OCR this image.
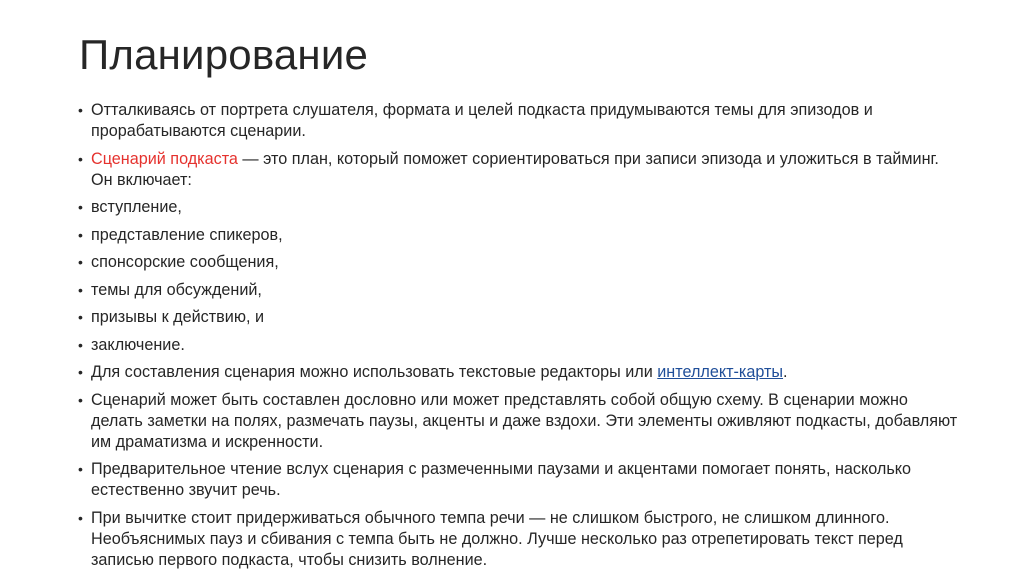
Планирование
• Отталкиваясь от портрета слушателя, формата и целей подкаста придумываются темы для эпизодов и прорабатываются сценарии.
• Сценарий подкаста — это план, который поможет сориентироваться при записи эпизода и уложиться в тайминг. Он включает:
• вступление,
• представление спикеров,
• спонсорские сообщения,
• темы для обсуждений,
• призывы к действию, и
• заключение.
• Для составления сценария можно использовать текстовые редакторы или интеллект-карты.
• Сценарий может быть составлен дословно или может представлять собой общую схему. В сценарии можно делать заметки на полях, размечать паузы, акценты и даже вздохи. Эти элементы оживляют подкасты, добавляют им драматизма и искренности.
• Предварительное чтение вслух сценария с размеченными паузами и акцентами помогает понять, насколько естественно звучит речь.
• При вычитке стоит придерживаться обычного темпа речи — не слишком быстрого, не слишком длинного. Необъяснимых пауз и сбивания с темпа быть не должно. Лучше несколько раз отрепетировать текст перед записью первого подкаста, чтобы снизить волнение.
